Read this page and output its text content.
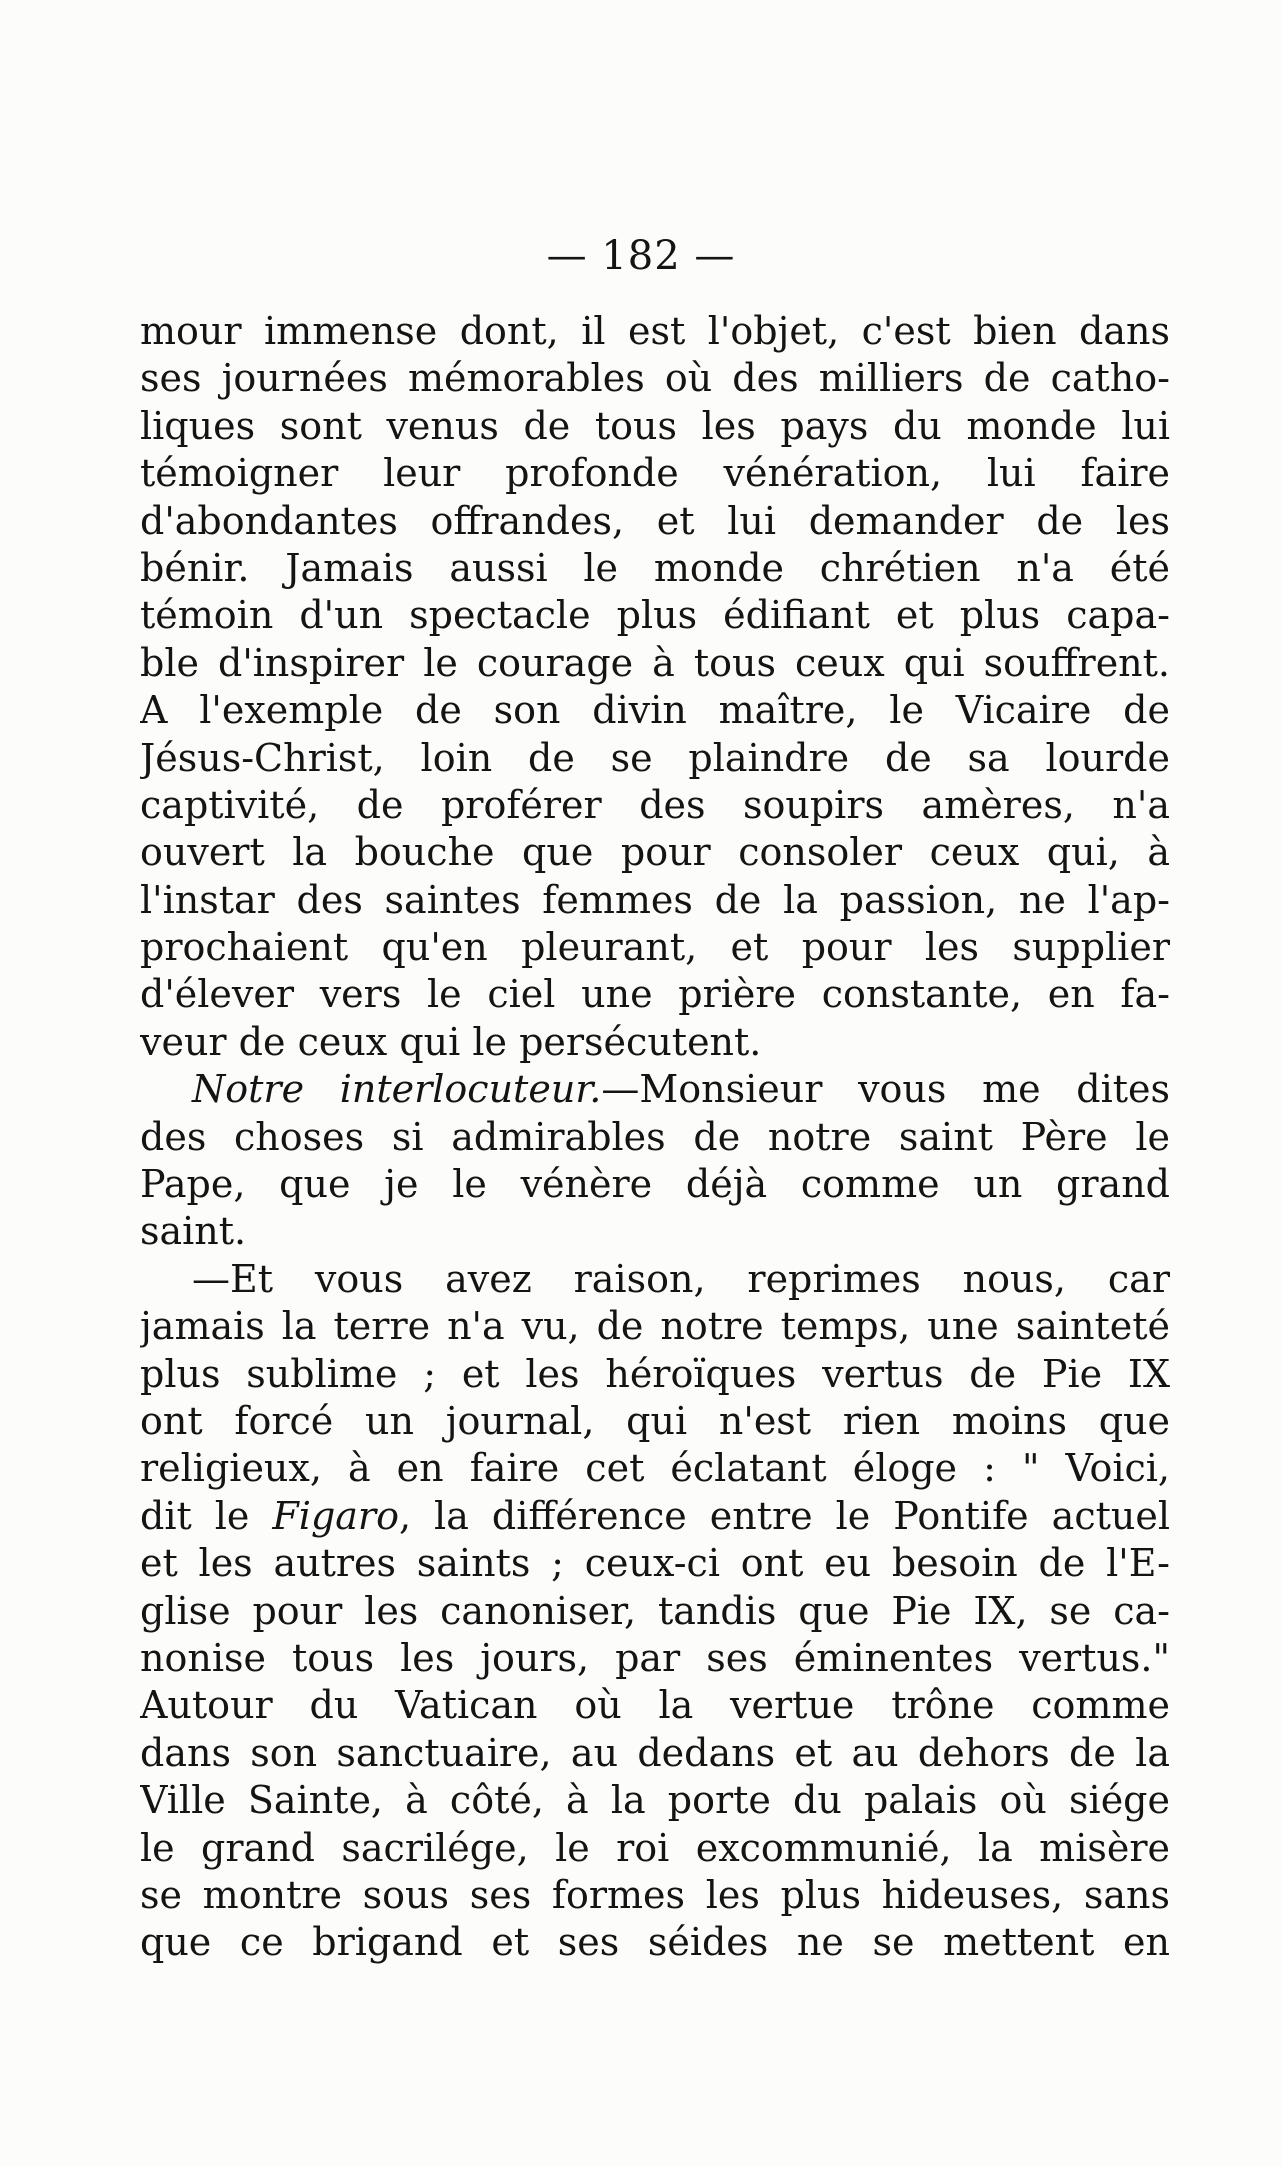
— 182 —
mour immense dont, il est l'objet, c'est bien dans
ses journées mémorables où des milliers de catho-
liques sont venus de tous les pays du monde lui
témoigner leur profonde vénération, lui faire
d'abondantes offrandes, et lui demander de les
bénir. Jamais aussi le monde chrétien n'a été
témoin d'un spectacle plus édifiant et plus capa-
ble d'inspirer le courage à tous ceux qui souffrent.
A l'exemple de son divin maître, le Vicaire de
Jésus-Christ, loin de se plaindre de sa lourde
captivité, de proférer des soupirs amères, n'a
ouvert la bouche que pour consoler ceux qui, à
l'instar des saintes femmes de la passion, ne l'ap-
prochaient qu'en pleurant, et pour les supplier
d'élever vers le ciel une prière constante, en fa-
veur de ceux qui le persécutent.
Notre interlocuteur.—Monsieur vous me dites
des choses si admirables de notre saint Père le
Pape, que je le vénère déjà comme un grand
saint.
—Et vous avez raison, reprimes nous, car
jamais la terre n'a vu, de notre temps, une sainteté
plus sublime ; et les héroïques vertus de Pie IX
ont forcé un journal, qui n'est rien moins que
religieux, à en faire cet éclatant éloge : " Voici,
dit le Figaro, la différence entre le Pontife actuel
et les autres saints ; ceux-ci ont eu besoin de l'E-
glise pour les canoniser, tandis que Pie IX, se ca-
nonise tous les jours, par ses éminentes vertus."
Autour du Vatican où la vertue trône comme
dans son sanctuaire, au dedans et au dehors de la
Ville Sainte, à côté, à la porte du palais où siége
le grand sacrilége, le roi excommunié, la misère
se montre sous ses formes les plus hideuses, sans
que ce brigand et ses séides ne se mettent en
